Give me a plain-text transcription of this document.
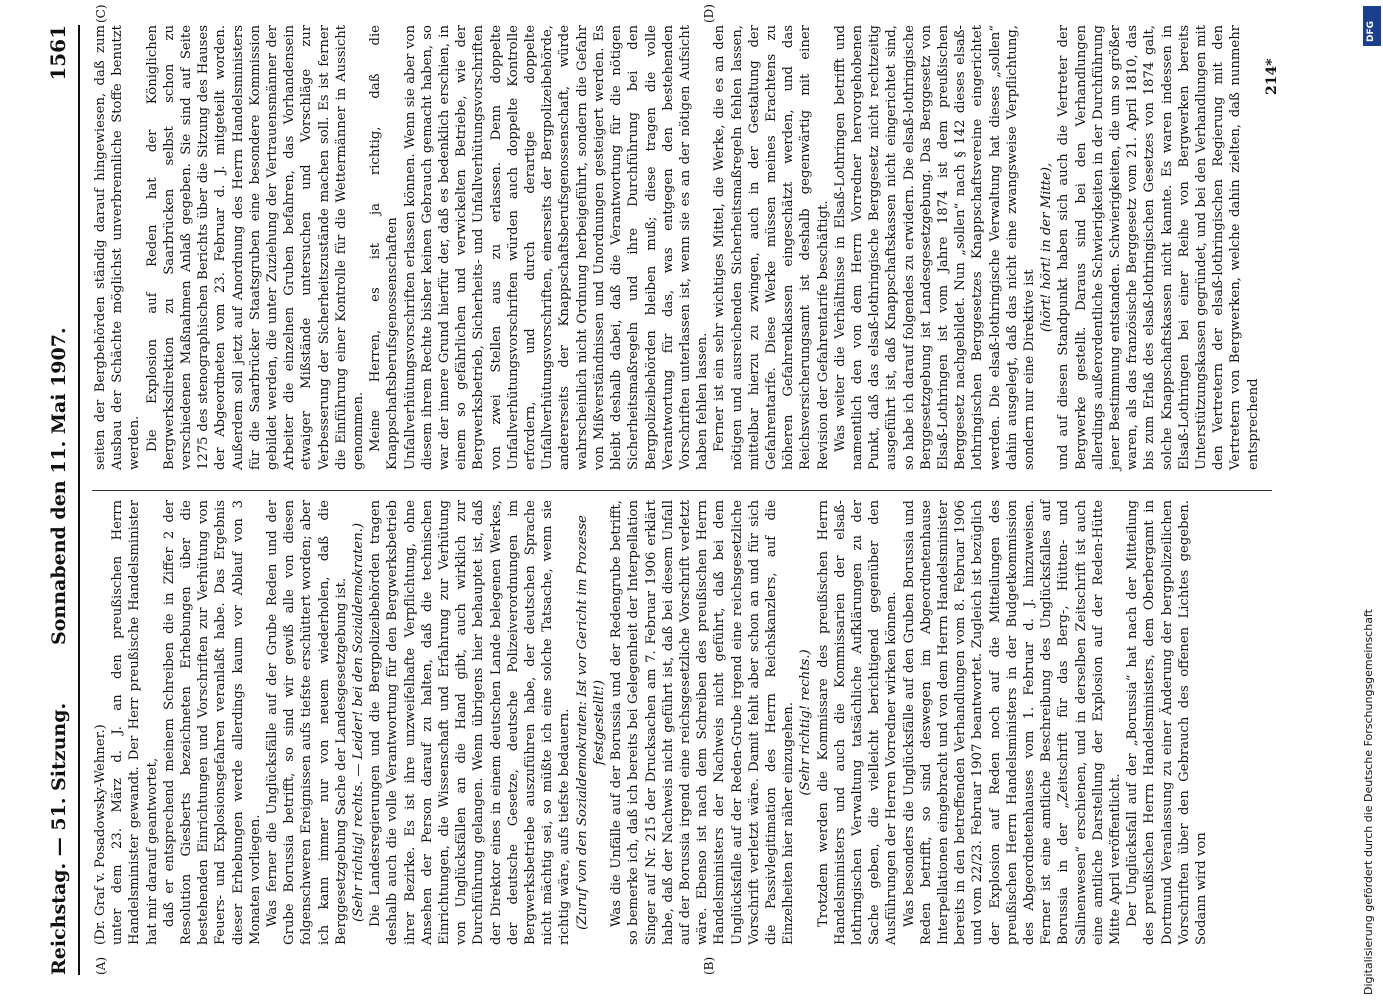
Reichstag. — 51. Sitzung.
Sonnabend den 11. Mai 1907.
1561

(Dr. Graf v. Posadowsky-Wehner.) unter dem 23. März d. J. an den preußischen Herrn Handelsminister gewandt. Der Herr preußische Handelsminister hat mir darauf geantwortet, daß er entsprechend meinem Schreiben die in Ziffer 2 der Resolution Giesberts bezeichneten Erhebungen über die bestehenden Einrichtungen und Vorschriften zur Verhütung von Feuers- und Explosionsgefahren veranlaßt habe. Das Ergebnis dieser Erhebungen werde allerdings kaum vor Ablauf von 3 Monaten vorliegen. Was ferner die Unglücksfälle auf der Grube Reden und der Grube Borussia betrifft, so sind wir gewiß alle von diesen folgenschweren Ereignissen aufs tiefste erschüttert worden; aber ich kann immer nur von neuem wiederholen, daß die Berggesetzgebung Sache der Landesgesetzgebung ist. (Sehr richtig! rechts. — Leider! bei den Sozialdemokraten.) Die Landesregierungen und die Bergpolizeibehörden tragen deshalb auch die volle Verantwortung für den Bergwerksbetrieb ihrer Bezirke. Es ist ihre unzweifelhafte Verpflichtung, ohne Ansehen der Person darauf zu halten, daß die technischen Einrichtungen, die Wissenschaft und Erfahrung zur Verhütung von Unglücksfällen an die Hand gibt, auch wirklich zur Durchführung gelangen. Wenn übrigens hier behauptet ist, daß der Direktor eines in einem deutschen Lande belegenen Werkes, der deutsche Gesetze, deutsche Polizeiverordnungen im Bergwerksbetriebe auszuführen habe, der deutschen Sprache nicht mächtig sei, so müßte ich eine solche Tatsache, wenn sie richtig wäre, aufs tiefste bedauern. (Zuruf von den Sozialdemokraten: Ist vor Gericht im Prozesse festgestellt!) Was die Unfälle auf der Borussia und der Redengrube betrifft, so bemerke ich, daß ich bereits bei Gelegenheit der Interpellation Singer auf Nr. 215 der Drucksachen am 7. Februar 1906 erklärt habe, daß der Nachweis nicht geführt ist, daß bei diesem Unfall auf der Borussia irgend eine reichsgesetzliche Vorschrift verletzt wäre. Ebenso ist nach dem Schreiben des preußischen Herrn Handelsministers der Nachweis nicht geführt, daß bei dem Unglücksfalle auf der Reden-Grube irgend eine reichsgesetzliche Vorschrift verletzt wäre. Damit fehlt aber schon an und für sich die Passivlegitimation des Herrn Reichskanzlers, auf die Einzelheiten hier näher einzugehen. (Sehr richtig! rechts.) Trotzdem werden die Kommissare des preußischen Herrn Handelsministers und auch die Kommissarien der elsaß-lothringischen Verwaltung tatsächliche Aufklärungen zu der Sache geben, die vielleicht berichtigend gegenüber den Ausführungen der Herren Vorredner wirken können. Was besonders die Unglücksfälle auf den Gruben Borussia und Reden betrifft, so sind deswegen im Abgeordnetenhause Interpellationen eingebracht und von dem Herrn Handelsminister bereits in den betreffenden Verhandlungen vom 8. Februar 1906 und vom 22/23. Februar 1907 beantwortet. Zugleich ist bezüglich der Explosion auf Reden noch auf die Mitteilungen des preußischen Herrn Handelsministers in der Budgetkommission des Abgeordnetenhauses vom 1. Februar d. J. hinzuweisen. Ferner ist eine amtliche Beschreibung des Unglücksfalles auf Borussia in der „Zeitschrift für das Berg-, Hütten- und Salinenwesen“ erschienen, und in derselben Zeitschrift ist auch eine amtliche Darstellung der Explosion auf der Reden-Hütte Mitte April veröffentlicht. Der Unglücksfall auf der „Borussia“ hat nach der Mitteilung des preußischen Herrn Handelsministers, dem Oberbergamt in Dortmund Veranlassung zu einer Änderung der bergpolizeilichen Vorschriften über den Gebrauch des offenen Lichtes gegeben. Sodann wird von

seiten der Bergbehörden ständig darauf hingewiesen, daß zum Ausbau der Schächte möglichst unverbrennliche Stoffe benutzt werden. Die Explosion auf Reden hat der Königlichen Bergwerksdirektion zu Saarbrücken selbst schon zu verschiedenen Maßnahmen Anlaß gegeben. Sie sind auf Seite 1275 des stenographischen Berichts über die Sitzung des Hauses der Abgeordneten vom 23. Februar d. J. mitgeteilt worden. Außerdem soll jetzt auf Anordnung des Herrn Handelsministers für die Saarbrücker Staatsgruben eine besondere Kommission gebildet werden, die unter Zuziehung der Vertrauensmänner der Arbeiter die einzelnen Gruben befahren, das Vorhandensein etwaiger Mißstände untersuchen und Vorschläge zur Verbesserung der Sicherheitszustände machen soll. Es ist ferner die Einführung einer Kontrolle für die Wettermänner in Aussicht genommen. Meine Herren, es ist ja richtig, daß die Knappschaftsberufsgenossenschaften Unfallverhütungsvorschriften erlassen können. Wenn sie aber von diesem ihrem Rechte bisher keinen Gebrauch gemacht haben, so war der innere Grund hierfür der, daß es bedenklich erschien, in einem so gefährlichen und verwickelten Betriebe, wie der Bergwerksbetrieb, Sicherheits- und Unfallverhütungsvorschriften von zwei Stellen aus zu erlassen. Denn doppelte Unfallverhütungsvorschriften würden auch doppelte Kontrolle erfordern, und durch derartige doppelte Unfallverhütungsvorschriften, einerseits der Bergpolizeibehörde, andererseits der Knappschaftsberufsgenossenschaft, würde wahrscheinlich nicht Ordnung herbeigeführt, sondern die Gefahr von Mißverständnissen und Unordnungen gesteigert werden. Es bleibt deshalb dabei, daß die Verantwortung für die nötigen Sicherheitsmaßregeln und ihre Durchführung bei den Bergpolizeibehörden bleiben muß; diese tragen die volle Verantwortung für das, was entgegen den bestehenden Vorschriften unterlassen ist, wenn sie es an der nötigen Aufsicht haben fehlen lassen. Ferner ist ein sehr wichtiges Mittel, die Werke, die es an den nötigen und ausreichenden Sicherheitsmaßregeln fehlen lassen, mittelbar hierzu zu zwingen, auch in der Gestaltung der Gefahrentarife. Diese Werke müssen meines Erachtens zu höheren Gefahrenklassen eingeschätzt werden, und das Reichsversicherungsamt ist deshalb gegenwärtig mit einer Revision der Gefahrentarife beschäftigt. Was weiter die Verhältnisse in Elsaß-Lothringen betrifft und namentlich den von dem Herrn Vorredner hervorgehobenen Punkt, daß das elsaß-lothringische Berggesetz nicht rechtzeitig ausgeführt ist, daß Knappschaftskassen nicht eingerichtet sind, so habe ich darauf folgendes zu erwidern. Die elsaß-lothringische Berggesetzgebung ist Landesgesetzgebung. Das Berggesetz von Elsaß-Lothringen ist vom Jahre 1874 ist dem preußischen Berggesetz nachgebildet. Nun „sollen“ nach § 142 dieses elsaß-lothringischen Berggesetzes Knappschaftsvereine eingerichtet werden. Die elsaß-lothringische Verwaltung hat dieses „sollen“ dahin ausgelegt, daß das nicht eine zwangsweise Verpflichtung, sondern nur eine Direktive ist

(hört! hört! in der Mitte), und auf diesen Standpunkt haben sich auch die Vertreter der Bergwerke gestellt. Daraus sind bei den Verhandlungen allerdings außerordentliche Schwierigkeiten in der Durchführung jener Bestimmung entstanden. Schwierigkeiten, die um so größer waren, als das französische Berggesetz vom 21. April 1810, das bis zum Erlaß des elsaß-lothringischen Gesetzes von 1874 galt, solche Knappschaftskassen nicht kannte. Es waren indessen in Elsaß-Lothringen bei einer Reihe von Bergwerken bereits Unterstützungskassen gegründet, und bei den Verhandlungen mit den Vertretern der elsaß-lothringischen Regierung mit den Vertretern von Bergwerken, welche dahin zielten, daß nunmehr entsprechend

(A)	(B)
(C)	(D)
214*
DFG
Digitalisierung gefördert durch die Deutsche Forschungsgemeinschaft
